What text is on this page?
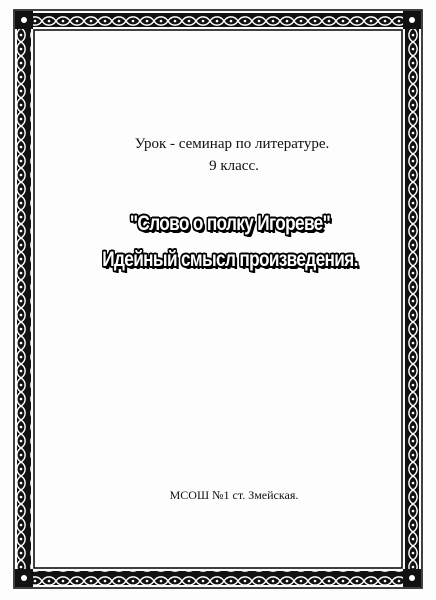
Урок - семинар по литературе.

9 класс.

"Слово о полку Игореве"
Идейный смысл произведения.

МСОШ №1 ст. Змейская.
